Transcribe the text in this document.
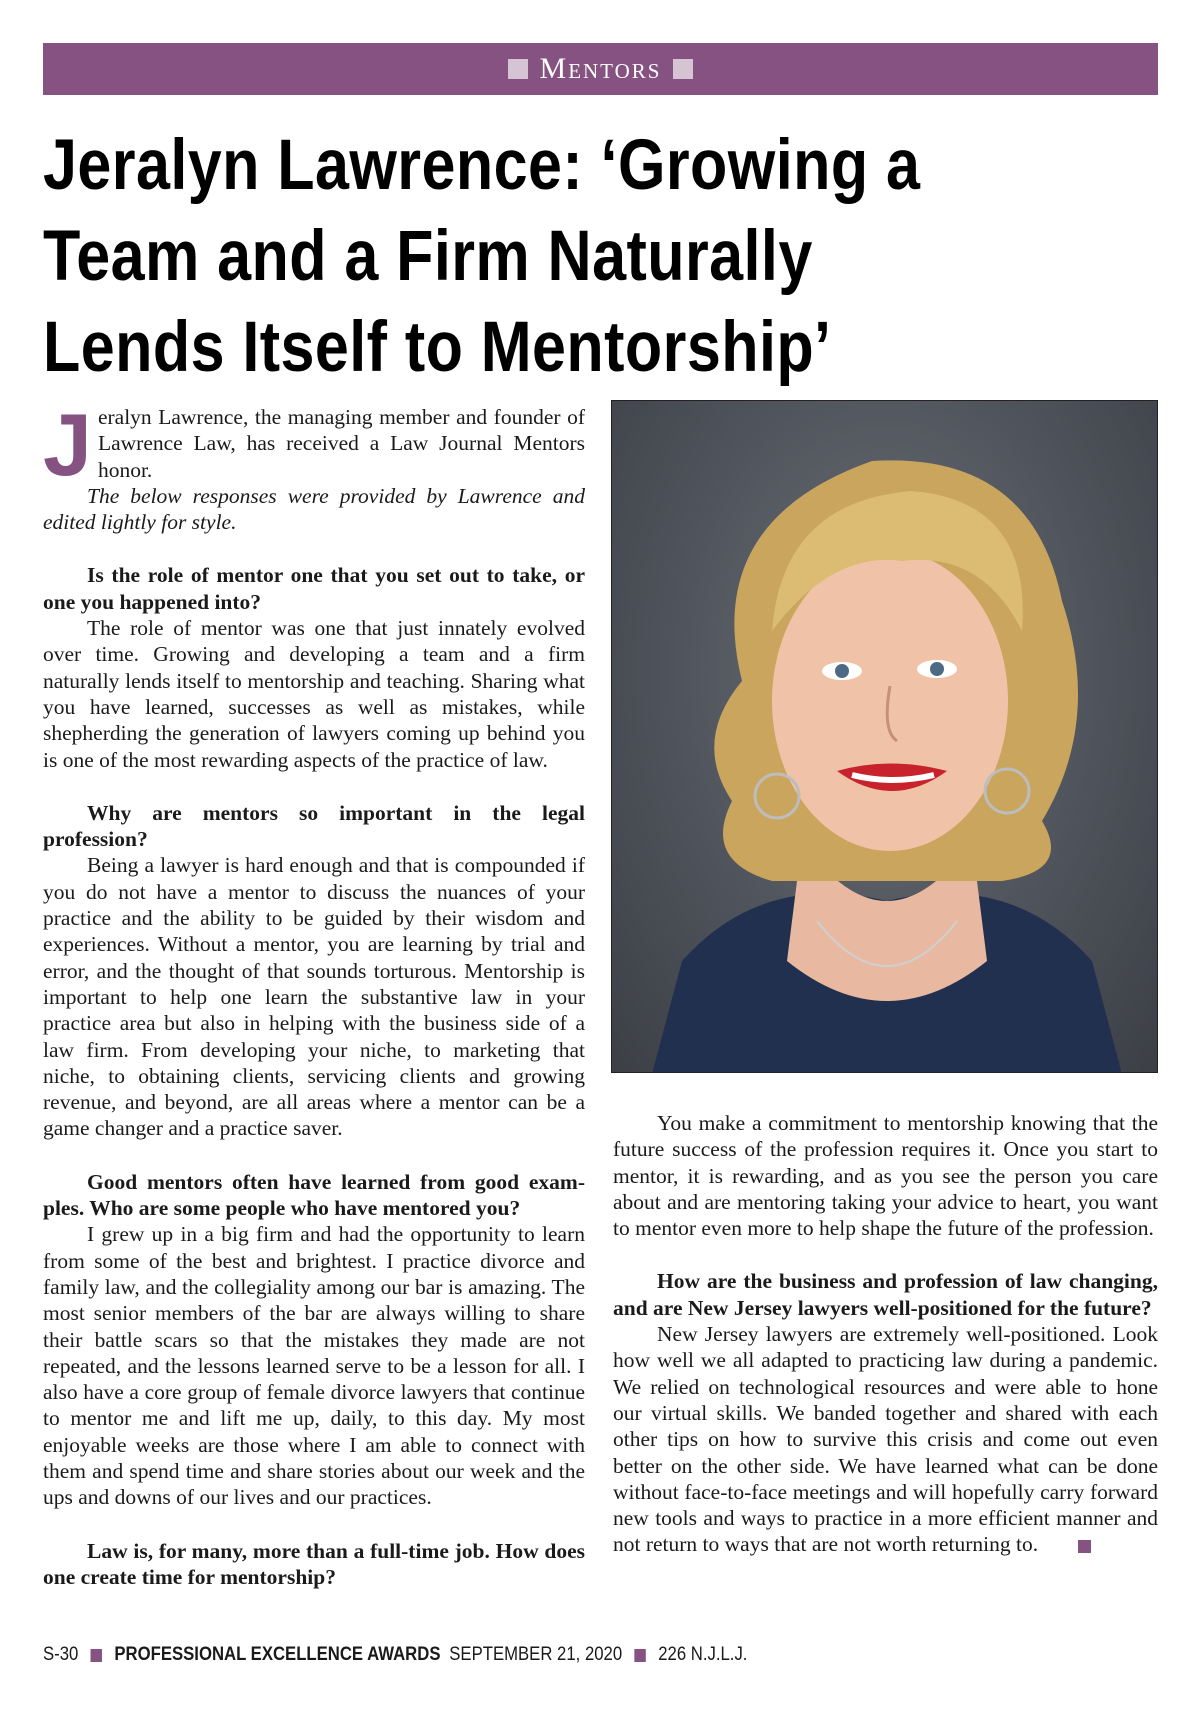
Mentors
Jeralyn Lawrence: ‘Growing a Team and a Firm Naturally Lends Itself to Mentorship’

Jeralyn Lawrence, the managing member and founder of Lawrence Law, has received a Law Journal Mentors honor.

The below responses were provided by Lawrence and edited lightly for style.

Is the role of mentor one that you set out to take, or one you happened into?

The role of mentor was one that just innately evolved over time. Growing and developing a team and a firm naturally lends itself to mentorship and teaching. Sharing what you have learned, successes as well as mistakes, while shepherding the generation of lawyers coming up behind you is one of the most rewarding aspects of the practice of law.

Why are mentors so important in the legal profession?

Being a lawyer is hard enough and that is compounded if you do not have a mentor to discuss the nuances of your practice and the ability to be guided by their wisdom and experiences. Without a mentor, you are learning by trial and error, and the thought of that sounds torturous. Mentorship is important to help one learn the substantive law in your practice area but also in helping with the business side of a law firm. From developing your niche, to marketing that niche, to obtaining clients, servicing clients and growing revenue, and beyond, are all areas where a mentor can be a game changer and a practice saver.

Good mentors often have learned from good examples. Who are some people who have mentored you?

I grew up in a big firm and had the opportunity to learn from some of the best and brightest. I practice divorce and family law, and the collegiality among our bar is amazing. The most senior members of the bar are always willing to share their battle scars so that the mistakes they made are not repeated, and the lessons learned serve to be a lesson for all. I also have a core group of female divorce lawyers that continue to mentor me and lift me up, daily, to this day. My most enjoyable weeks are those where I am able to connect with them and spend time and share stories about our week and the ups and downs of our lives and our practices.

Law is, for many, more than a full-time job. How does one create time for mentorship?

You make a commitment to mentorship knowing that the future success of the profession requires it. Once you start to mentor, it is rewarding, and as you see the person you care about and are mentoring taking your advice to heart, you want to mentor even more to help shape the future of the profession.

How are the business and profession of law changing, and are New Jersey lawyers well-positioned for the future?

New Jersey lawyers are extremely well-positioned. Look how well we all adapted to practicing law during a pandemic. We relied on technological resources and were able to hone our virtual skills. We banded together and shared with each other tips on how to survive this crisis and come out even better on the other side. We have learned what can be done without face-to-face meetings and will hopefully carry forward new tools and ways to practice in a more efficient manner and not return to ways that are not worth returning to.

S-30 PROFESSIONAL EXCELLENCE AWARDS SEPTEMBER 21, 2020 226 N.J.L.J.
